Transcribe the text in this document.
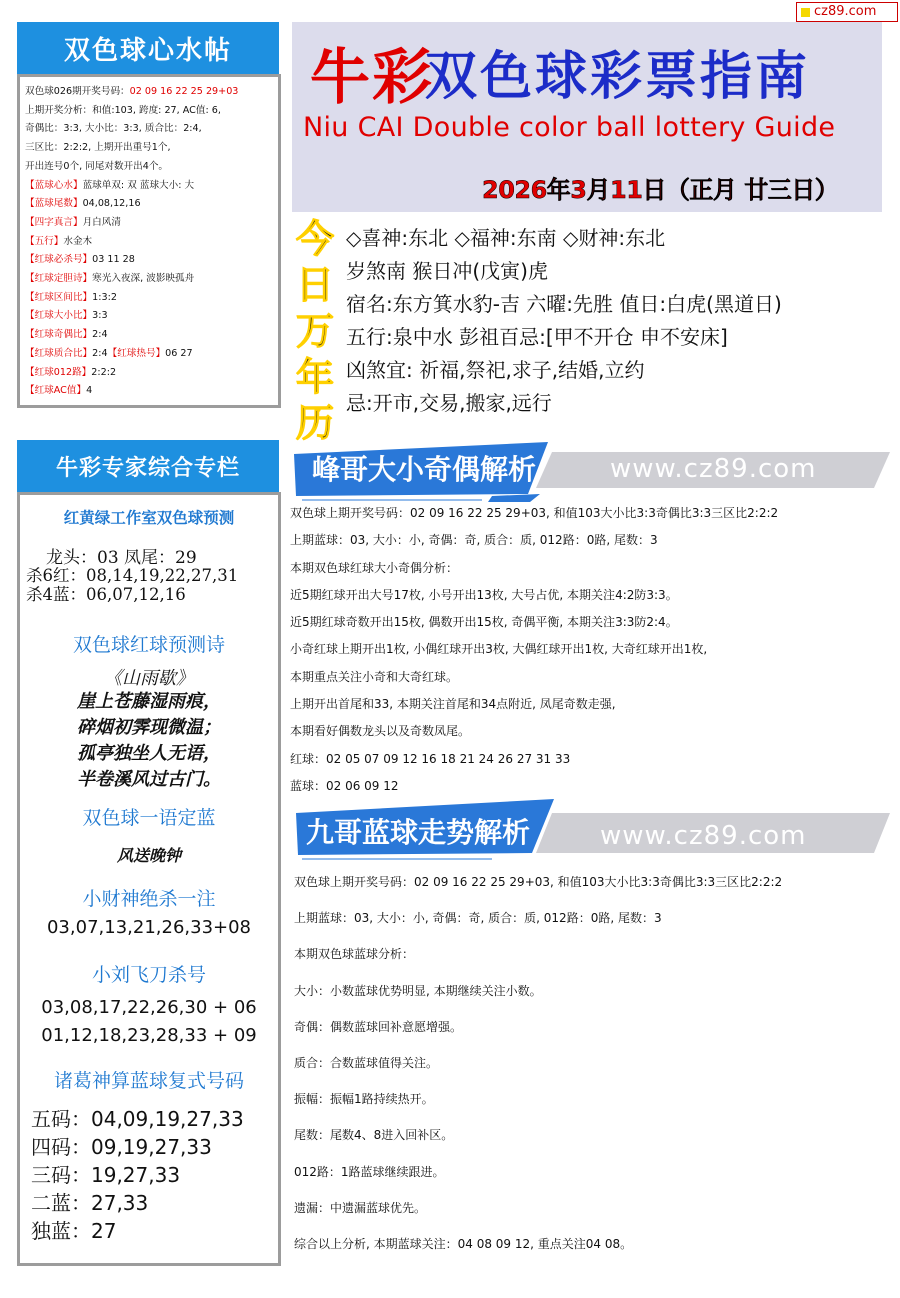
cz89.com
双色球心水帖
双色球026期开奖号码：02 09 16 22 25 29+03
上期开奖分析：和值:103, 跨度: 27, AC值: 6,
奇偶比：3:3, 大小比：3:3, 质合比：2:4,
三区比：2:2:2, 上期开出重号1个,
开出连号0个, 同尾对数开出4个。
【蓝球心水】蓝球单双: 双 蓝球大小: 大
【蓝球尾数】04,08,12,16
【四字真言】月白风清
【五行】水金木
【红球必杀号】03 11 28
【红球定胆诗】寒光入夜深, 波影映孤舟
【红球区间比】1:3:2
【红球大小比】3:3
【红球奇偶比】2:4
【红球质合比】2:4【红球热号】06 27
【红球012路】2:2:2
【红球AC值】4
牛彩专家综合专栏
红黄绿工作室双色球预测
龙头：03 凤尾：29
杀6红：08,14,19,22,27,31
杀4蓝：06,07,12,16
双色球红球预测诗
《山雨歇》
崖上苍藤湿雨痕，
碎烟初霁现微温；
孤亭独坐人无语，
半卷溪风过古门。
双色球一语定蓝
风送晚钟
小财神绝杀一注
03,07,13,21,26,33+08
小刘飞刀杀号
03,08,17,22,26,30 + 06
01,12,18,23,28,33 + 09
诸葛神算蓝球复式号码
五码：04,09,19,27,33
四码：09,19,27,33
三码：19,27,33
二蓝：27,33
独蓝：27
牛彩
双色球彩票指南
Niu CAI Double color ball lottery Guide
2026年3月11日（正月 廿三日）
今
日
万
年
历
◇喜神:东北 ◇福神:东南 ◇财神:东北
岁煞南 猴日冲(戊寅)虎
宿名:东方箕水豹-吉 六曜:先胜 值日:白虎(黑道日)
五行:泉中水 彭祖百忌:[甲不开仓 申不安床]
凶煞宜: 祈福,祭祀,求子,结婚,立约
忌:开市,交易,搬家,远行
峰哥大小奇偶解析	www.cz89.com
双色球上期开奖号码：02 09 16 22 25 29+03, 和值103大小比3:3奇偶比3:3三区比2:2:2
上期蓝球：03, 大小：小, 奇偶：奇, 质合：质, 012路：0路, 尾数：3
本期双色球红球大小奇偶分析：
近5期红球开出大号17枚, 小号开出13枚, 大号占优, 本期关注4:2防3:3。
近5期红球奇数开出15枚, 偶数开出15枚, 奇偶平衡, 本期关注3:3防2:4。
小奇红球上期开出1枚, 小偶红球开出3枚, 大偶红球开出1枚, 大奇红球开出1枚,
本期重点关注小奇和大奇红球。
上期开出首尾和33, 本期关注首尾和34点附近, 凤尾奇数走强,
本期看好偶数龙头以及奇数凤尾。
红球：02 05 07 09 12 16 18 21 24 26 27 31 33
蓝球：02 06 09 12
九哥蓝球走势解析	www.cz89.com
双色球上期开奖号码：02 09 16 22 25 29+03, 和值103大小比3:3奇偶比3:3三区比2:2:2
上期蓝球：03, 大小：小, 奇偶：奇, 质合：质, 012路：0路, 尾数：3
本期双色球蓝球分析：
大小：小数蓝球优势明显, 本期继续关注小数。
奇偶：偶数蓝球回补意愿增强。
质合：合数蓝球值得关注。
振幅：振幅1路持续热开。
尾数：尾数4、8进入回补区。
012路：1路蓝球继续跟进。
遗漏：中遗漏蓝球优先。
综合以上分析, 本期蓝球关注：04 08 09 12, 重点关注04 08。
